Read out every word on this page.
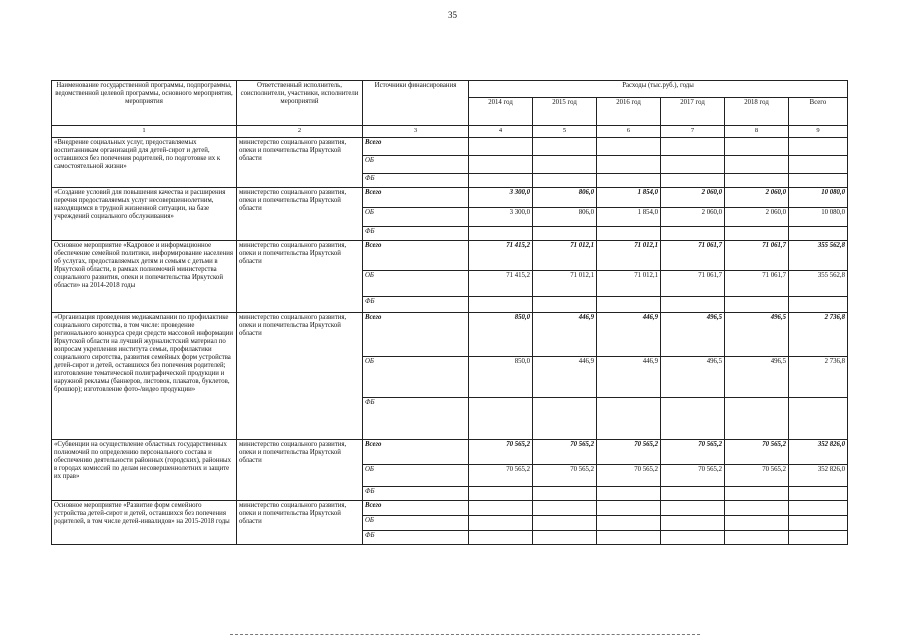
35
Наименование государственной программы, подпрограммы, ведомственной целевой программы, основного мероприятия, мероприятия	Ответственный исполнитель, соисполнители, участники, исполнители мероприятий	Источники финансирования	Расходы (тыс.руб.), годы					
			2014 год	2015 год	2016 год	2017 год	2018 год	Всего
1	2	3	4	5	6	7	8	9
«Внедрение социальных услуг, предоставляемых воспитанникам организаций для детей-сирот и детей, оставшихся без попечения родителей, по подготовке их к самостоятельной жизни»	министерство социального развития, опеки и попечительства Иркутской области	Всего						
		ОБ						
		ФБ						
«Создание условий для повышения качества и расширения перечня предоставляемых услуг несовершеннолетним, находящимся в трудной жизненной ситуации, на базе учреждений социального обслуживания»	министерство социального развития, опеки и попечительства Иркутской области	Всего	3 300,0	806,0	1 854,0	2 060,0	2 060,0	10 080,0
		ОБ	3 300,0	806,0	1 854,0	2 060,0	2 060,0	10 080,0
		ФБ						
Основное мероприятие «Кадровое и информационное обеспечение семейной политики, информирование населения об услугах, предоставляемых детям и семьям с детьми в Иркутской области, в рамках полномочий министерства социального развития, опеки и попечительства Иркутской области» на 2014-2018 годы	министерство социального развития, опеки и попечительства Иркутской области	Всего	71 415,2	71 012,1	71 012,1	71 061,7	71 061,7	355 562,8
		ОБ	71 415,2	71 012,1	71 012,1	71 061,7	71 061,7	355 562,8
		ФБ						
«Организация проведения медиакампании по профилактике социального сиротства, в том числе: проведение регионального конкурса среди средств массовой информации Иркутской области на лучший журналистский материал по вопросам укрепления института семьи, профилактики социального сиротства, развития семейных форм устройства детей-сирот и детей, оставшихся без попечения родителей; изготовление тематической полиграфической продукции и наружной рекламы (баннеров, листовок, плакатов, буклетов, брошюр); изготовление фото-/видео продукции»	министерство социального развития, опеки и попечительства Иркутской области	Всего	850,0	446,9	446,9	496,5	496,5	2 736,8
		ОБ	850,0	446,9	446,9	496,5	496,5	2 736,8
		ФБ						
«Субвенции на осуществление областных государственных полномочий по определению персонального состава и обеспечению деятельности районных (городских), районных в городах комиссий по делам несовершеннолетних и защите их прав»	министерство социального развития, опеки и попечительства Иркутской области	Всего	70 565,2	70 565,2	70 565,2	70 565,2	70 565,2	352 826,0
		ОБ	70 565,2	70 565,2	70 565,2	70 565,2	70 565,2	352 826,0
		ФБ						
Основное мероприятие «Развитие форм семейного устройства детей-сирот и детей, оставшихся без попечения родителей, в том числе детей-инвалидов» на 2015-2018 годы	министерство социального развития, опеки и попечительства Иркутской области	Всего						
		ОБ						
		ФБ						
